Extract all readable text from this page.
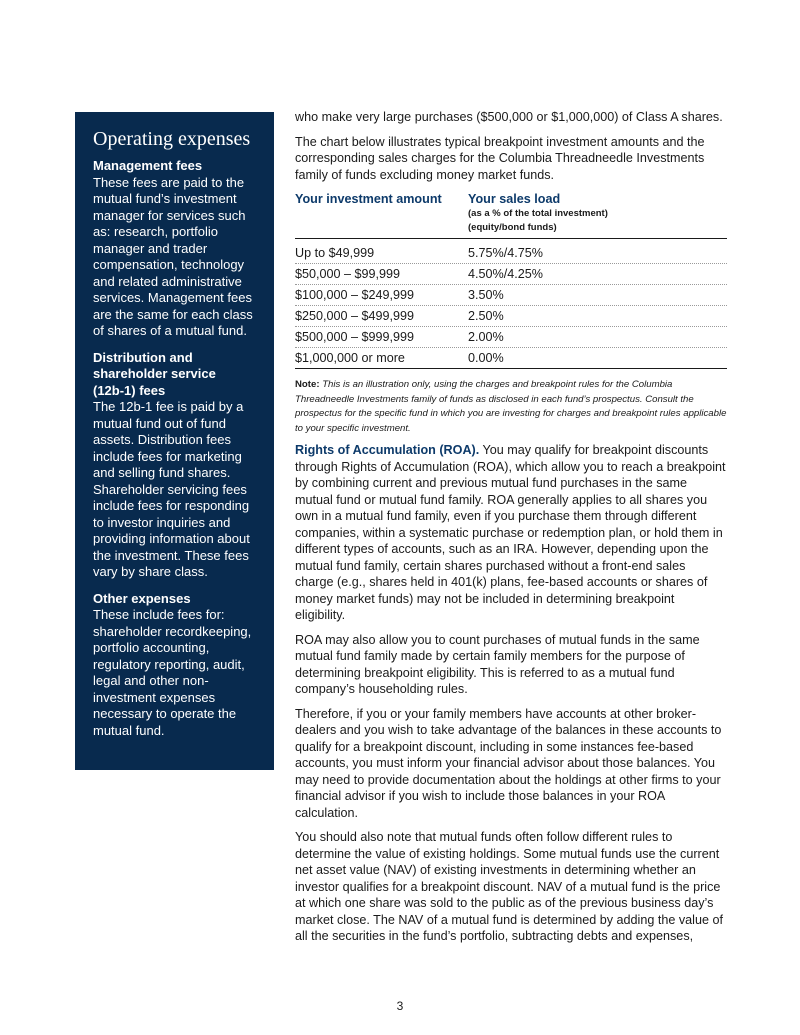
Operating expenses
Management fees
These fees are paid to the mutual fund’s investment manager for services such as: research, portfolio manager and trader compensation, technology and related administrative services. Management fees are the same for each class of shares of a mutual fund.
Distribution and shareholder service (12b-1) fees
The 12b-1 fee is paid by a mutual fund out of fund assets. Distribution fees include fees for marketing and selling fund shares. Shareholder servicing fees include fees for responding to investor inquiries and providing information about the investment. These fees vary by share class.
Other expenses
These include fees for: shareholder recordkeeping, portfolio accounting, regulatory reporting, audit, legal and other non-investment expenses necessary to operate the mutual fund.

who make very large purchases ($500,000 or $1,000,000) of Class A shares.

The chart below illustrates typical breakpoint investment amounts and the corresponding sales charges for the Columbia Threadneedle Investments family of funds excluding money market funds.

Your investment amount	Your sales load
(as a % of the total investment)
(equity/bond funds)
Up to $49,999	5.75%/4.75%
$50,000 – $99,999	4.50%/4.25%
$100,000 – $249,999	3.50%
$250,000 – $499,999	2.50%
$500,000 – $999,999	2.00%
$1,000,000 or more	0.00%
Note: This is an illustration only, using the charges and breakpoint rules for the Columbia Threadneedle Investments family of funds as disclosed in each fund’s prospectus. Consult the prospectus for the specific fund in which you are investing for charges and breakpoint rules applicable to your specific investment.

Rights of Accumulation (ROA). You may qualify for breakpoint discounts through Rights of Accumulation (ROA), which allow you to reach a breakpoint by combining current and previous mutual fund purchases in the same mutual fund or mutual fund family. ROA generally applies to all shares you own in a mutual fund family, even if you purchase them through different companies, within a systematic purchase or redemption plan, or hold them in different types of accounts, such as an IRA. However, depending upon the mutual fund family, certain shares purchased without a front-end sales charge (e.g., shares held in 401(k) plans, fee-based accounts or shares of money market funds) may not be included in determining breakpoint eligibility.

ROA may also allow you to count purchases of mutual funds in the same mutual fund family made by certain family members for the purpose of determining breakpoint eligibility. This is referred to as a mutual fund company’s householding rules.

Therefore, if you or your family members have accounts at other broker-dealers and you wish to take advantage of the balances in these accounts to qualify for a breakpoint discount, including in some instances fee-based accounts, you must inform your financial advisor about those balances. You may need to provide documentation about the holdings at other firms to your financial advisor if you wish to include those balances in your ROA calculation.

You should also note that mutual funds often follow different rules to determine the value of existing holdings. Some mutual funds use the current net asset value (NAV) of existing investments in determining whether an investor qualifies for a breakpoint discount. NAV of a mutual fund is the price at which one share was sold to the public as of the previous business day’s market close. The NAV of a mutual fund is determined by adding the value of all the securities in the fund’s portfolio, subtracting debts and expenses,

3
